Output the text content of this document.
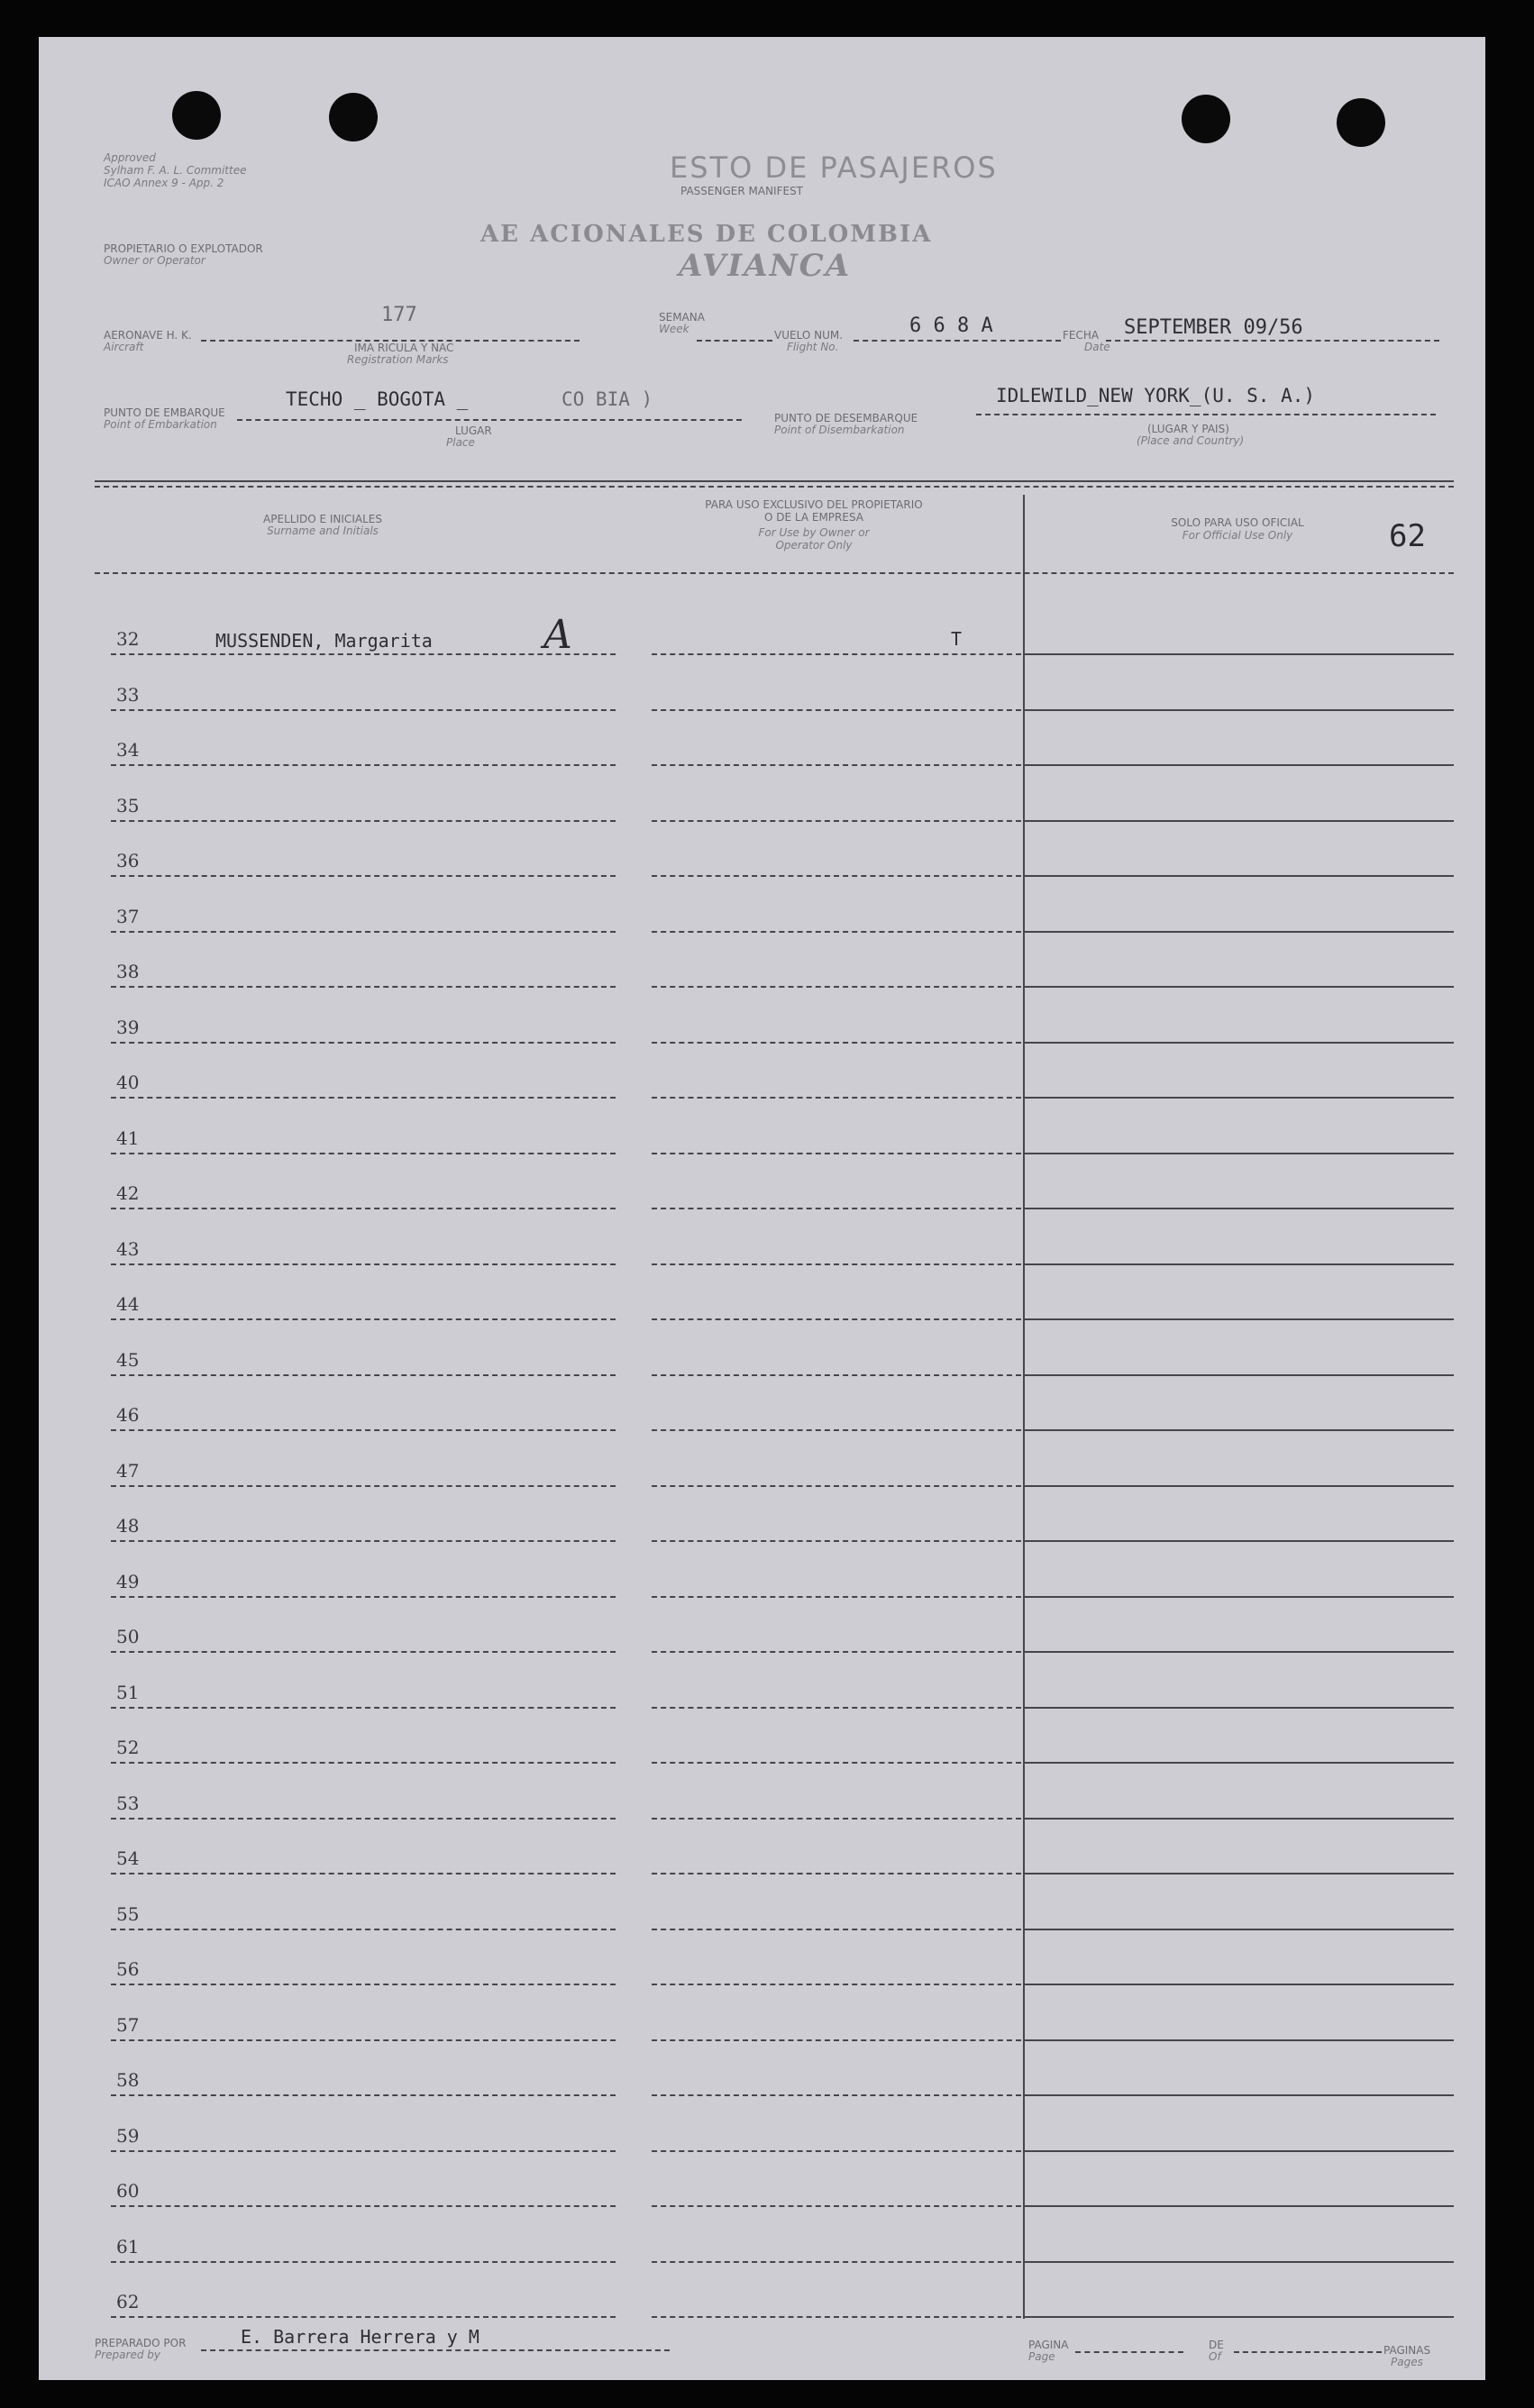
Approved
Sylham F. A. L. Committee
ICAO Annex 9 - App. 2	ESTO DE PASAJEROS
PASSENGER MANIFEST
PROPIETARIO O EXPLOTADOR
Owner or Operator
AE ACIONALES DE COLOMBIA
AVIANCA
AERONAVE H. K.
Aircraft
177
IMA RICULA Y NAC
Registration Marks
SEMANA
Week	VUELO NUM.
Flight No.
6 6 8 A	FECHA
Date
SEPTEMBER 09/56
PUNTO DE EMBARQUE
Point of Embarkation
TECHO _ BOGOTA _	CO BIA )
LUGAR
Place
PUNTO DE DESEMBARQUE
Point of Disembarkation
IDLEWILD_NEW YORK_(U. S. A.)
(LUGAR Y PAIS)
(Place and Country)
APELLIDO E INICIALES
Surname and Initials
PARA USO EXCLUSIVO DEL PROPIETARIO
O DE LA EMPRESA
For Use by Owner or
Operator Only
SOLO PARA USO OFICIAL
For Official Use Only	62
32	MUSSENDEN, Margarita	A	T
33
34
35
36
37
38
39
40
41
42
43
44
45
46
47
48
49
50
51
52
53
54
55
56
57
58
59
60
61
62
PREPARADO POR
Prepared by
E. Barrera Herrera y M	PAGINA
Page
DE
Of	PAGINAS
Pages
